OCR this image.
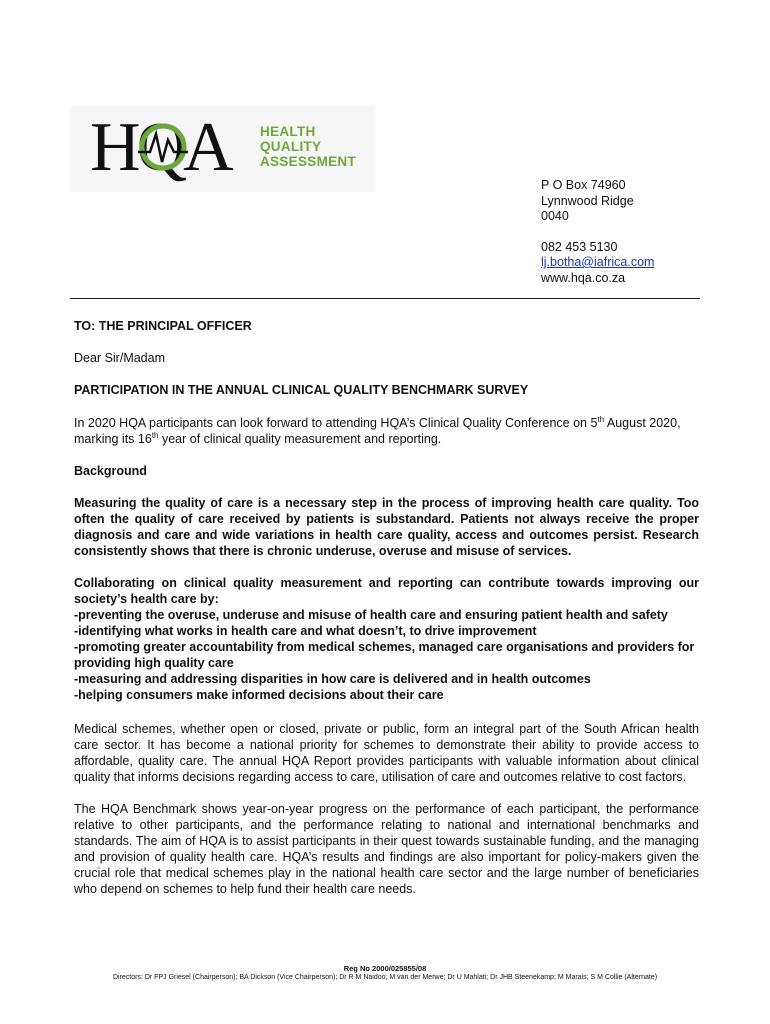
HQA	HEALTH
QUALITY
ASSESSMENT
P O Box 74960
Lynnwood Ridge
0040
082 453 5130
lj.botha@iafrica.com
www.hqa.co.za
TO: THE PRINCIPAL OFFICER
Dear Sir/Madam
PARTICIPATION IN THE ANNUAL CLINICAL QUALITY BENCHMARK SURVEY
In 2020 HQA participants can look forward to attending HQA’s Clinical Quality Conference on 5th August 2020,
marking its 16th year of clinical quality measurement and reporting.
Background
Measuring the quality of care is a necessary step in the process of improving health care quality. Too often the quality of care received by patients is substandard. Patients not always receive the proper diagnosis and care and wide variations in health care quality, access and outcomes persist. Research consistently shows that there is chronic underuse, overuse and misuse of services.
Collaborating on clinical quality measurement and reporting can contribute towards improving our society’s health care by:
-preventing the overuse, underuse and misuse of health care and ensuring patient health and safety
-identifying what works in health care and what doesn’t, to drive improvement
-promoting greater accountability from medical schemes, managed care organisations and providers for providing high quality care
-measuring and addressing disparities in how care is delivered and in health outcomes
-helping consumers make informed decisions about their care
Medical schemes, whether open or closed, private or public, form an integral part of the South African health care sector. It has become a national priority for schemes to demonstrate their ability to provide access to affordable, quality care. The annual HQA Report provides participants with valuable information about clinical quality that informs decisions regarding access to care, utilisation of care and outcomes relative to cost factors.
The HQA Benchmark shows year-on-year progress on the performance of each participant, the performance relative to other participants, and the performance relating to national and international benchmarks and standards. The aim of HQA is to assist participants in their quest towards sustainable funding, and the managing and provision of quality health care. HQA’s results and findings are also important for policy-makers given the crucial role that medical schemes play in the national health care sector and the large number of beneficiaries who depend on schemes to help fund their health care needs.
Reg No 2000/025855/08
Directors: Dr FPJ Griesel (Chairperson); BA Dickson (Vice Chairperson); Dr R M Naidoo; M van der Merwe; Dr U Mahlati; Dr JHB Steenekamp; M Marais; S M Collie (Alternate)
